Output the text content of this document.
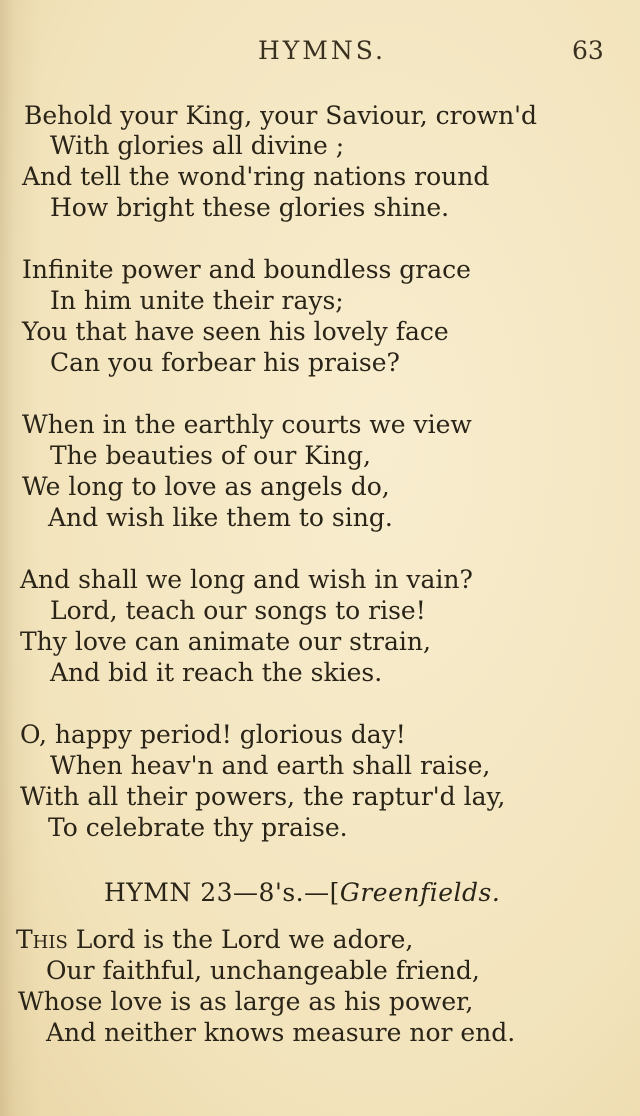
HYMNS.	63
Behold your King, your Saviour, crown'd
With glories all divine ;
And tell the wond'ring nations round
How bright these glories shine.
Infinite power and boundless grace
In him unite their rays;
You that have seen his lovely face
Can you forbear his praise?
When in the earthly courts we view
The beauties of our King,
We long to love as angels do,
And wish like them to sing.
And shall we long and wish in vain?
Lord, teach our songs to rise!
Thy love can animate our strain,
And bid it reach the skies.
O, happy period! glorious day!
When heav'n and earth shall raise,
With all their powers, the raptur'd lay,
To celebrate thy praise.
HYMN 23—8's.—[Greenfields.
This Lord is the Lord we adore,
Our faithful, unchangeable friend,
Whose love is as large as his power,
And neither knows measure nor end.
